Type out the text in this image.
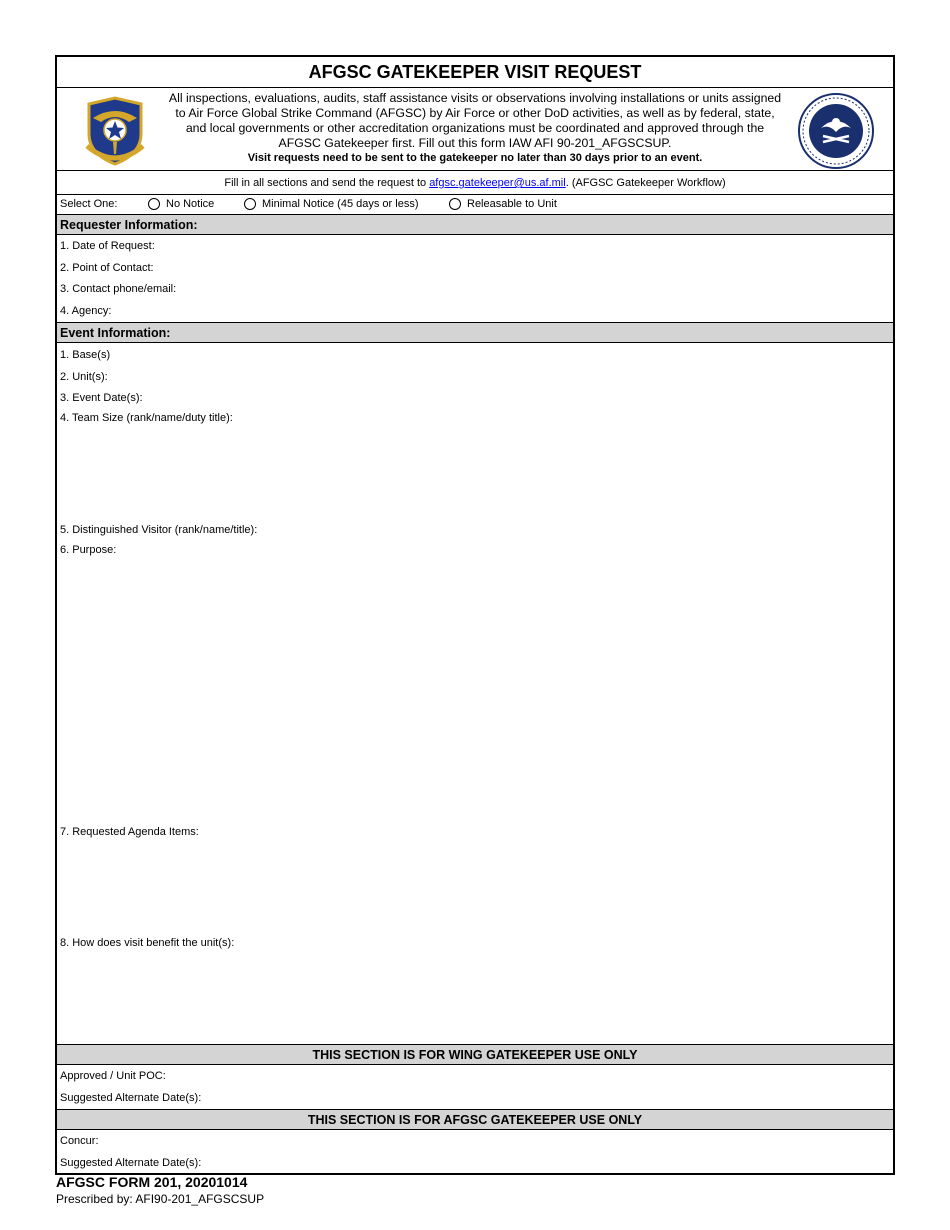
AFGSC GATEKEEPER VISIT REQUEST
All inspections, evaluations, audits, staff assistance visits or observations involving installations or units assigned to Air Force Global Strike Command (AFGSC) by Air Force or other DoD activities, as well as by federal, state, and local governments or other accreditation organizations must be coordinated and approved through the AFGSC Gatekeeper first. Fill out this form IAW AFI 90-201_AFGSCSUP.
Visit requests need to be sent to the gatekeeper no later than 30 days prior to an event.
Fill in all sections and send the request to afgsc.gatekeeper@us.af.mil. (AFGSC Gatekeeper Workflow)
Select One:	No Notice	Minimal Notice (45 days or less)	Releasable to Unit
Requester Information:
1. Date of Request:
2. Point of Contact:
3. Contact phone/email:
4. Agency:
Event Information:
1. Base(s)
2. Unit(s):
3. Event Date(s):
4. Team Size (rank/name/duty title):
5. Distinguished Visitor (rank/name/title):
6. Purpose:
7. Requested Agenda Items:
8. How does visit benefit the unit(s):
THIS SECTION IS FOR WING GATEKEEPER USE ONLY
Approved / Unit POC:
Suggested Alternate Date(s):
THIS SECTION IS FOR AFGSC GATEKEEPER USE ONLY
Concur:
Suggested Alternate Date(s):
AFGSC FORM 201, 20201014
Prescribed by: AFI90-201_AFGSCSUP
